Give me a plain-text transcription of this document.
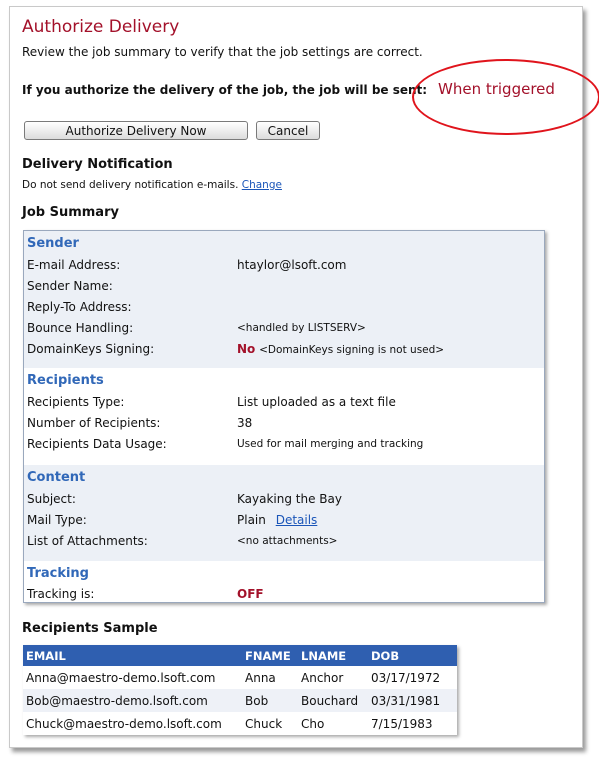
Authorize Delivery
Review the job summary to verify that the job settings are correct.
If you authorize the delivery of the job, the job will be sent: When triggered
Authorize Delivery Now	Cancel
Delivery Notification
Do not send delivery notification e-mails. Change
Job Summary
Sender
E-mail Address:	htaylor@lsoft.com
Sender Name:
Reply-To Address:
Bounce Handling:	<handled by LISTSERV>
DomainKeys Signing:	No <DomainKeys signing is not used>
Recipients
Recipients Type:	List uploaded as a text file
Number of Recipients:	38
Recipients Data Usage:	Used for mail merging and tracking
Content
Subject:	Kayaking the Bay
Mail Type:	Plain Details
List of Attachments:	<no attachments>
Tracking
Tracking is:	OFF
Recipients Sample
EMAIL	FNAME	LNAME	DOB
Anna@maestro-demo.lsoft.com	Anna	Anchor	03/17/1972
Bob@maestro-demo.lsoft.com	Bob	Bouchard	03/31/1981
Chuck@maestro-demo.lsoft.com	Chuck	Cho	7/15/1983
